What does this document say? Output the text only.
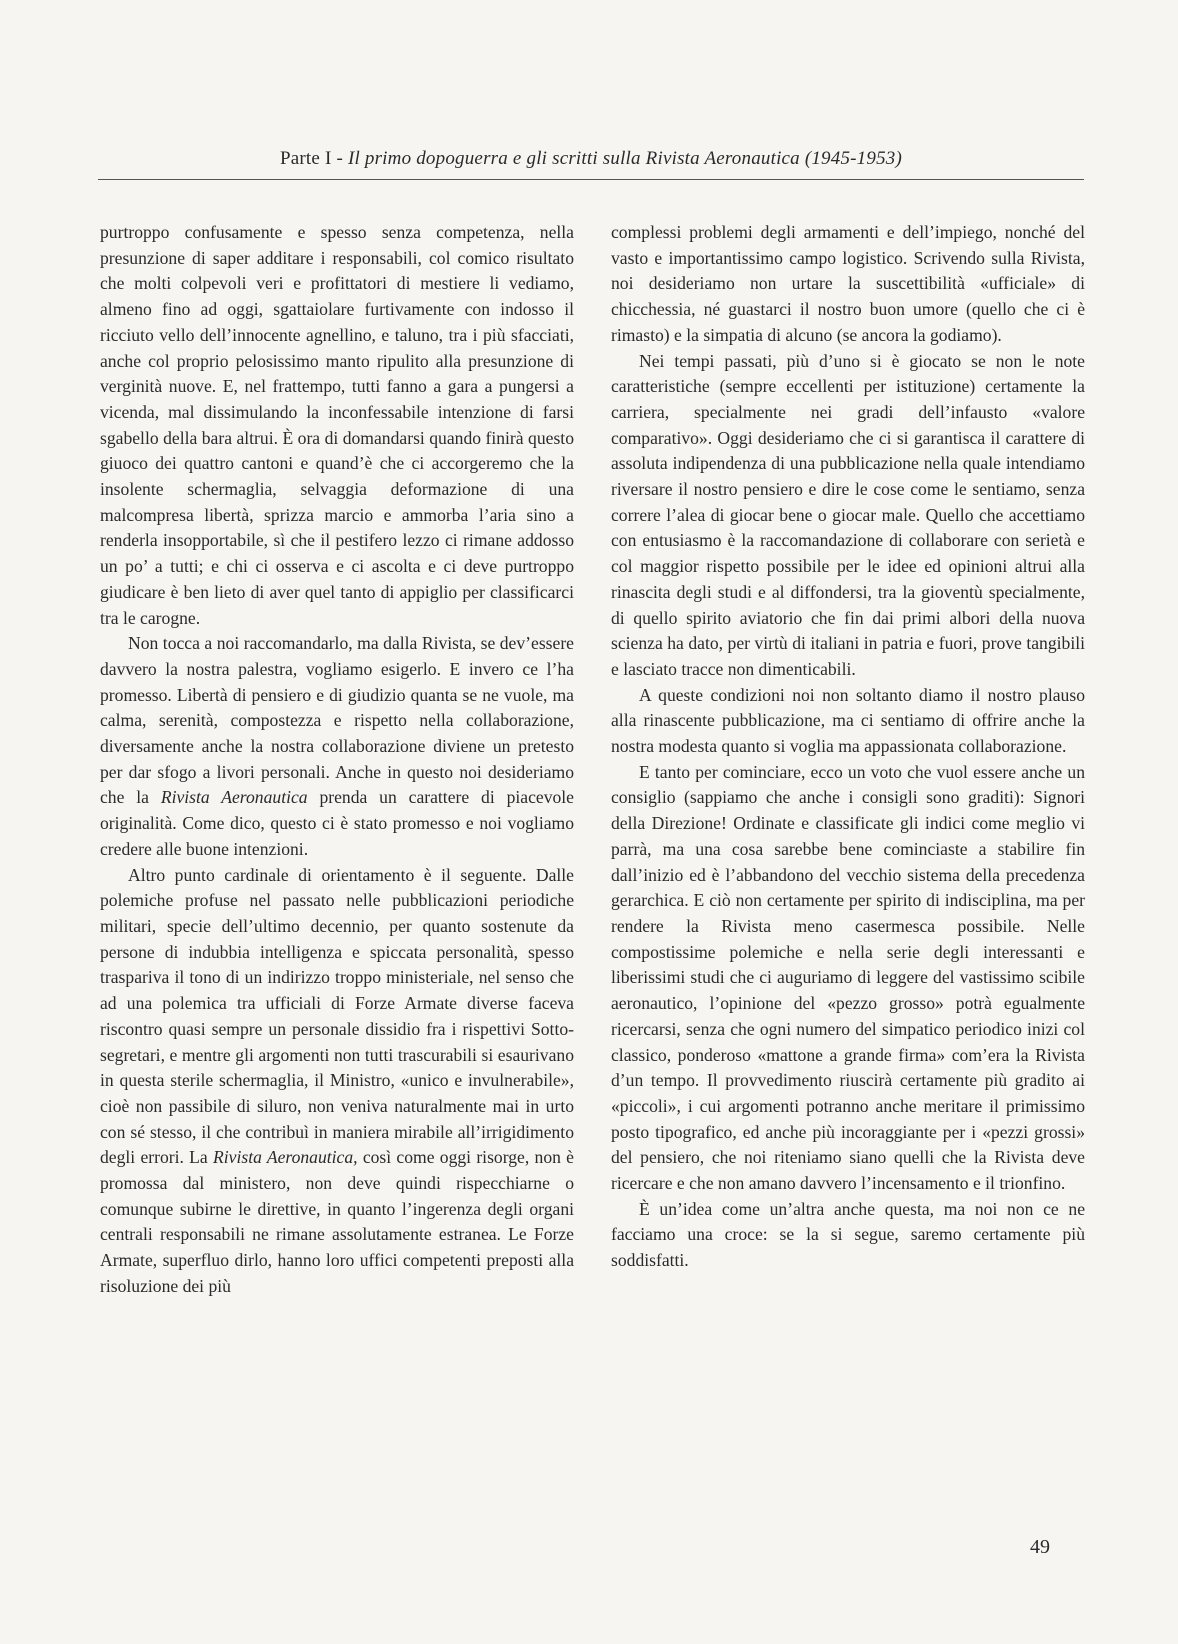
Parte I - Il primo dopoguerra e gli scritti sulla Rivista Aeronautica (1945-1953)

purtroppo confusamente e spesso senza competenza, nella presunzione di saper additare i responsabili, col comico risultato che molti colpevoli veri e profittatori di mestiere li vediamo, almeno fino ad oggi, sgattaiolare furtivamente con indosso il ricciuto vello dell’innocente agnellino, e taluno, tra i più sfacciati, anche col proprio pelosissimo manto ripulito alla presunzione di verginità nuove. E, nel frattempo, tutti fanno a gara a pungersi a vicenda, mal dissimulando la inconfessabile intenzione di farsi sgabello della bara altrui. È ora di domandarsi quando finirà questo giuoco dei quattro cantoni e quand’è che ci accorgeremo che la insolente schermaglia, selvaggia deformazione di una malcompresa libertà, sprizza marcio e ammorba l’aria sino a renderla insopportabile, sì che il pestifero lezzo ci rimane addosso un po’ a tutti; e chi ci osserva e ci ascolta e ci deve purtroppo giudicare è ben lieto di aver quel tanto di appiglio per classificarci tra le carogne.

Non tocca a noi raccomandarlo, ma dalla Rivista, se dev’essere davvero la nostra palestra, vogliamo esigerlo. E invero ce l’ha promesso. Libertà di pensiero e di giudizio quanta se ne vuole, ma calma, serenità, compostezza e rispetto nella collaborazione, diversamente anche la nostra collaborazione diviene un pretesto per dar sfogo a livori personali. Anche in questo noi desideriamo che la Rivista Aeronautica prenda un carattere di piacevole originalità. Come dico, questo ci è stato promesso e noi vogliamo credere alle buone intenzioni.

Altro punto cardinale di orientamento è il seguente. Dalle polemiche profuse nel passato nelle pubblicazioni periodiche militari, specie dell’ultimo decennio, per quanto sostenute da persone di indubbia intelligenza e spiccata personalità, spesso traspariva il tono di un indirizzo troppo ministeriale, nel senso che ad una polemica tra ufficiali di Forze Armate diverse faceva riscontro quasi sempre un personale dissidio fra i rispettivi Sotto-segretari, e mentre gli argomenti non tutti trascurabili si esaurivano in questa sterile schermaglia, il Ministro, «unico e invulnerabile», cioè non passibile di siluro, non veniva naturalmente mai in urto con sé stesso, il che contribuì in maniera mirabile all’irrigidimento degli errori. La Rivista Aeronautica, così come oggi risorge, non è promossa dal ministero, non deve quindi rispecchiarne o comunque subirne le direttive, in quanto l’ingerenza degli organi centrali responsabili ne rimane assolutamente estranea. Le Forze Armate, superfluo dirlo, hanno loro uffici competenti preposti alla risoluzione dei più

complessi problemi degli armamenti e dell’impiego, nonché del vasto e importantissimo campo logistico. Scrivendo sulla Rivista, noi desideriamo non urtare la suscettibilità «ufficiale» di chicchessia, né guastarci il nostro buon umore (quello che ci è rimasto) e la simpatia di alcuno (se ancora la godiamo).

Nei tempi passati, più d’uno si è giocato se non le note caratteristiche (sempre eccellenti per istituzione) certamente la carriera, specialmente nei gradi dell’infausto «valore comparativo». Oggi desideriamo che ci si garantisca il carattere di assoluta indipendenza di una pubblicazione nella quale intendiamo riversare il nostro pensiero e dire le cose come le sentiamo, senza correre l’alea di giocar bene o giocar male. Quello che accettiamo con entusiasmo è la raccomandazione di collaborare con serietà e col maggior rispetto possibile per le idee ed opinioni altrui alla rinascita degli studi e al diffondersi, tra la gioventù specialmente, di quello spirito aviatorio che fin dai primi albori della nuova scienza ha dato, per virtù di italiani in patria e fuori, prove tangibili e lasciato tracce non dimenticabili.

A queste condizioni noi non soltanto diamo il nostro plauso alla rinascente pubblicazione, ma ci sentiamo di offrire anche la nostra modesta quanto si voglia ma appassionata collaborazione.

E tanto per cominciare, ecco un voto che vuol essere anche un consiglio (sappiamo che anche i consigli sono graditi): Signori della Direzione! Ordinate e classificate gli indici come meglio vi parrà, ma una cosa sarebbe bene cominciaste a stabilire fin dall’inizio ed è l’abbandono del vecchio sistema della precedenza gerarchica. E ciò non certamente per spirito di indisciplina, ma per rendere la Rivista meno casermesca possibile. Nelle compostissime polemiche e nella serie degli interessanti e liberissimi studi che ci auguriamo di leggere del vastissimo scibile aeronautico, l’opinione del «pezzo grosso» potrà egualmente ricercarsi, senza che ogni numero del simpatico periodico inizi col classico, ponderoso «mattone a grande firma» com’era la Rivista d’un tempo. Il provvedimento riuscirà certamente più gradito ai «piccoli», i cui argomenti potranno anche meritare il primissimo posto tipografico, ed anche più incoraggiante per i «pezzi grossi» del pensiero, che noi riteniamo siano quelli che la Rivista deve ricercare e che non amano davvero l’incensamento e il trionfino.

È un’idea come un’altra anche questa, ma noi non ce ne facciamo una croce: se la si segue, saremo certamente più soddisfatti.

49
